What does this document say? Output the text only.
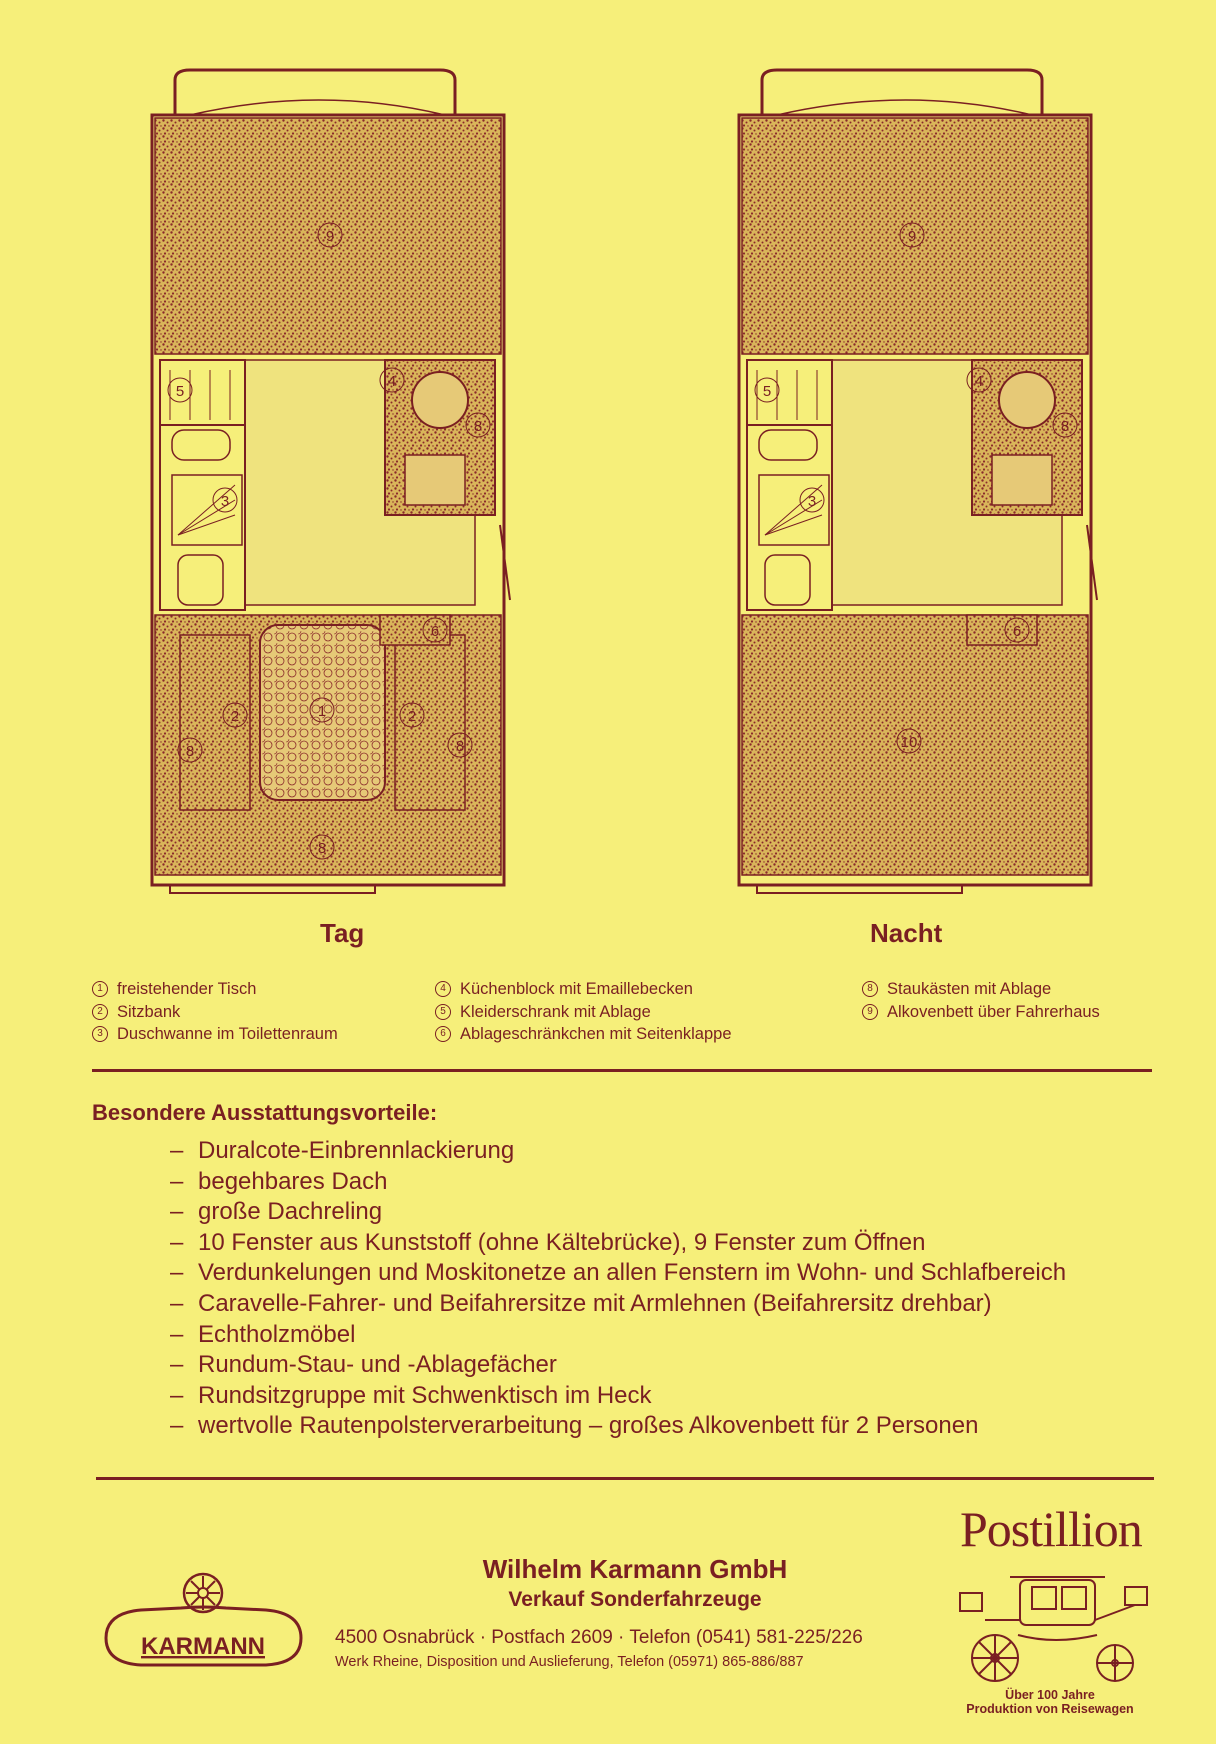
9
5
4
8
3
6
2	1	2
8	8
8
9
5
4
8
3
6
10
Tag	Nacht
1 freistehender Tisch
2 Sitzbank
3 Duschwanne im Toilettenraum
4 Küchenblock mit Emaillebecken
5 Kleiderschrank mit Ablage
6 Ablageschränkchen mit Seitenklappe
8 Staukästen mit Ablage
9 Alkovenbett über Fahrerhaus
Besondere Ausstattungsvorteile:
– Duralcote-Einbrennlackierung
– begehbares Dach
– große Dachreling
– 10 Fenster aus Kunststoff (ohne Kältebrücke), 9 Fenster zum Öffnen
– Verdunkelungen und Moskitonetze an allen Fenstern im Wohn- und Schlafbereich
– Caravelle-Fahrer- und Beifahrersitze mit Armlehnen (Beifahrersitz drehbar)
– Echtholzmöbel
– Rundum-Stau- und -Ablagefächer
– Rundsitzgruppe mit Schwenktisch im Heck
– wertvolle Rautenpolsterverarbeitung – großes Alkovenbett für 2 Personen
KARMANN
Wilhelm Karmann GmbH
Verkauf Sonderfahrzeuge
4500 Osnabrück · Postfach 2609 · Telefon (0541) 581-225/226
Werk Rheine, Disposition und Auslieferung, Telefon (05971) 865-886/887
Postillion
Über 100 Jahre
Produktion von Reisewagen
